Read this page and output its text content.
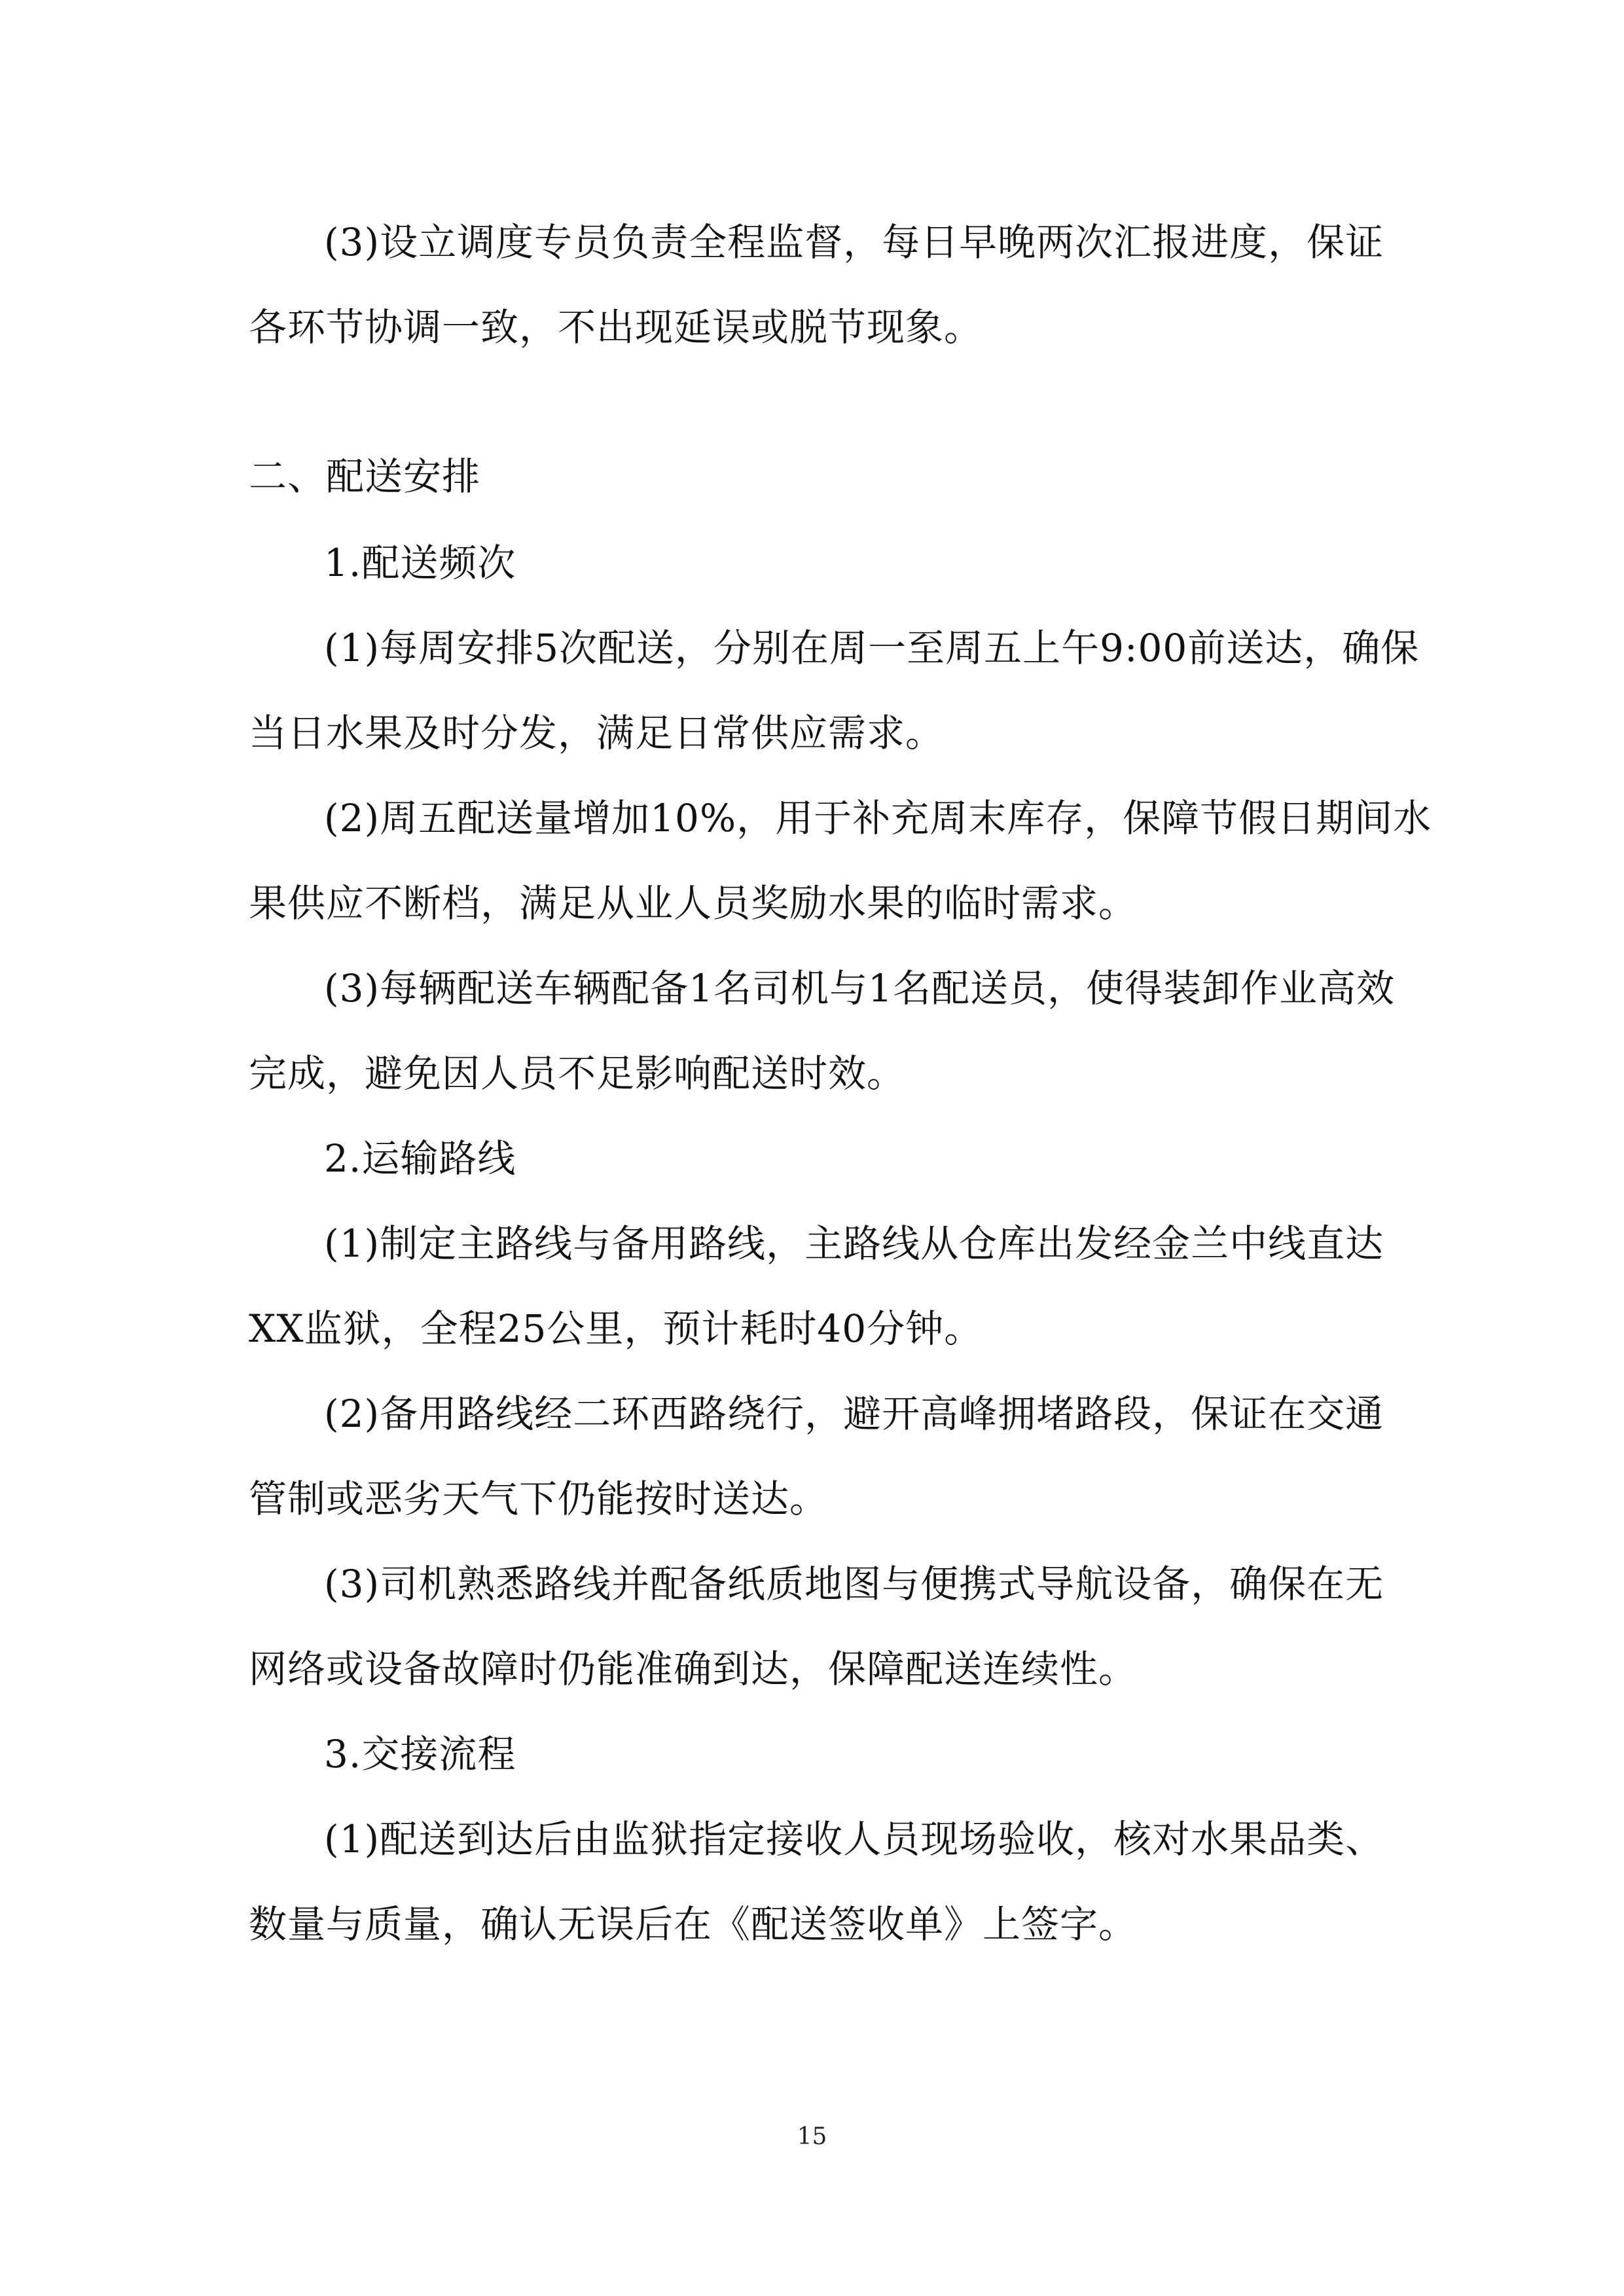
(3)设立调度专员负责全程监督，每日早晚两次汇报进度，保证
各环节协调一致，不出现延误或脱节现象。
二、配送安排
1.配送频次
(1)每周安排5次配送，分别在周一至周五上午9:00前送达，确保
当日水果及时分发，满足日常供应需求。
(2)周五配送量增加10%，用于补充周末库存，保障节假日期间水
果供应不断档，满足从业人员奖励水果的临时需求。
(3)每辆配送车辆配备1名司机与1名配送员，使得装卸作业高效
完成，避免因人员不足影响配送时效。
2.运输路线
(1)制定主路线与备用路线，主路线从仓库出发经金兰中线直达
XX监狱，全程25公里，预计耗时40分钟。
(2)备用路线经二环西路绕行，避开高峰拥堵路段，保证在交通
管制或恶劣天气下仍能按时送达。
(3)司机熟悉路线并配备纸质地图与便携式导航设备，确保在无
网络或设备故障时仍能准确到达，保障配送连续性。
3.交接流程
(1)配送到达后由监狱指定接收人员现场验收，核对水果品类、
数量与质量，确认无误后在《配送签收单》上签字。
15
